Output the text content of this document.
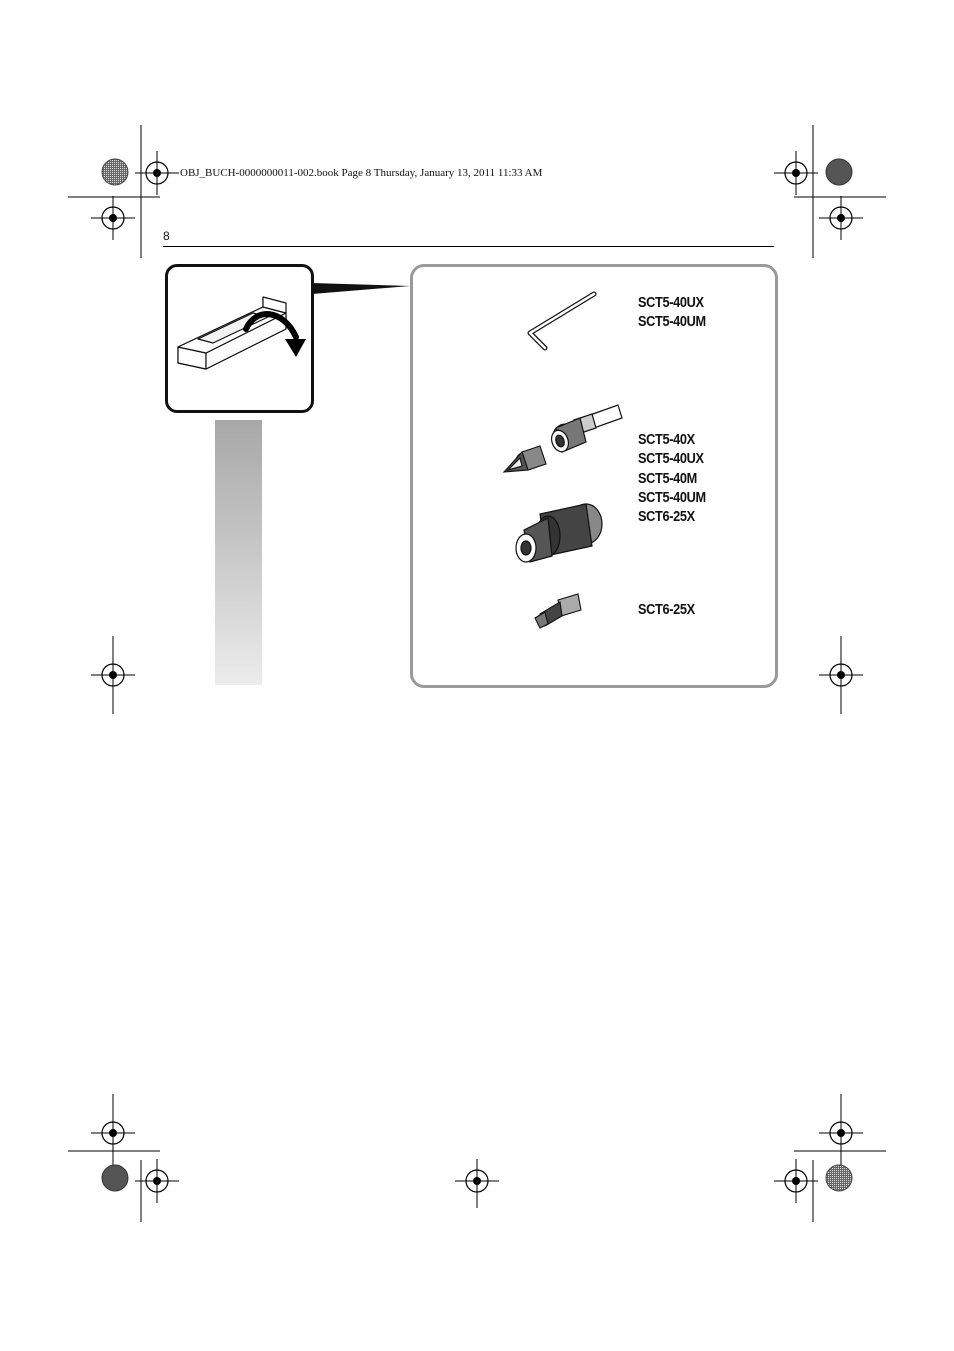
OBJ_BUCH-0000000011-002.book Page 8 Thursday, January 13, 2011 11:33 AM
8
SCT5-40UX
SCT5-40UM
SCT5-40X
SCT5-40UX
SCT5-40M
SCT5-40UM
SCT6-25X
SCT6-25X
